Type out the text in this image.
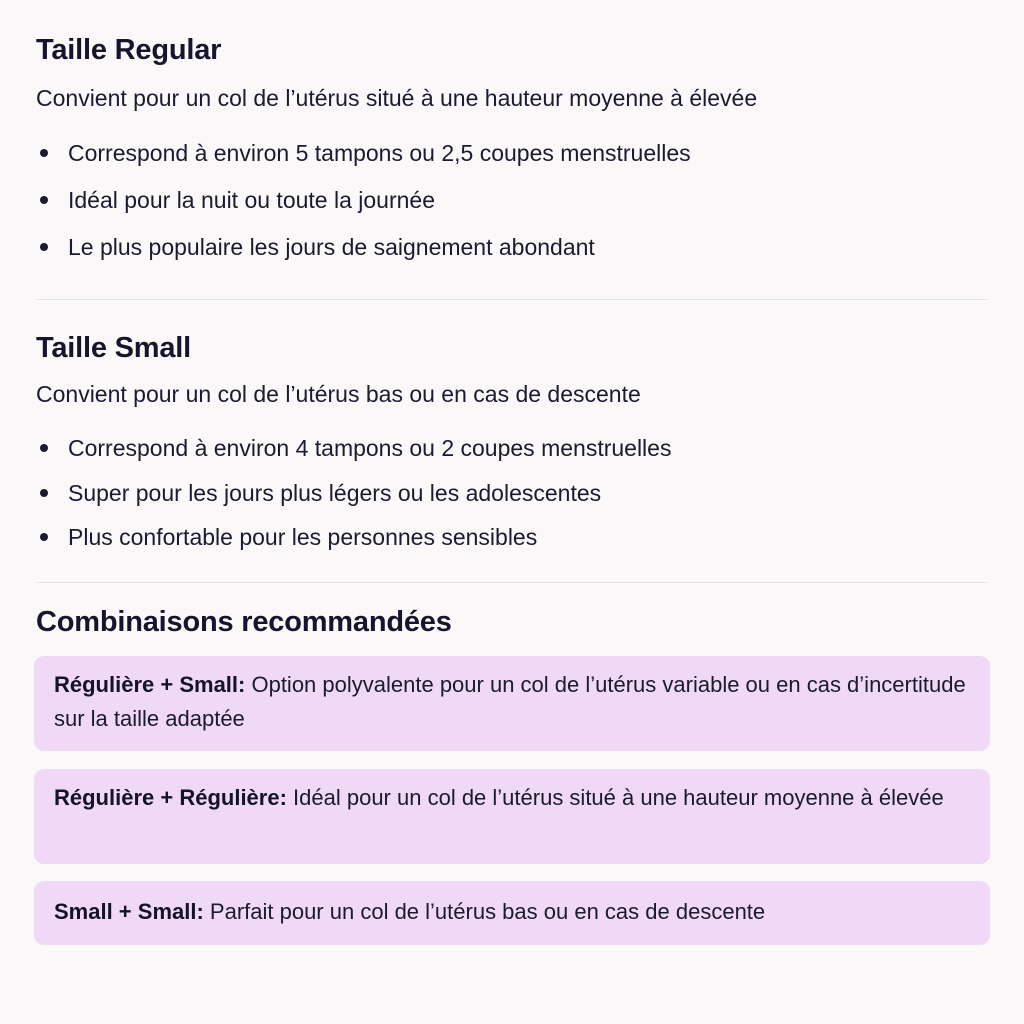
Taille Regular
Convient pour un col de l’utérus situé à une hauteur moyenne à élevée
Correspond à environ 5 tampons ou 2,5 coupes menstruelles
Idéal pour la nuit ou toute la journée
Le plus populaire les jours de saignement abondant
Taille Small
Convient pour un col de l’utérus bas ou en cas de descente
Correspond à environ 4 tampons ou 2 coupes menstruelles
Super pour les jours plus légers ou les adolescentes
Plus confortable pour les personnes sensibles
Combinaisons recommandées
Régulière + Small: Option polyvalente pour un col de l’utérus variable ou en cas d’incertitude sur la taille adaptée
Régulière + Régulière: Idéal pour un col de l’utérus situé à une hauteur moyenne à élevée
Small + Small: Parfait pour un col de l’utérus bas ou en cas de descente
